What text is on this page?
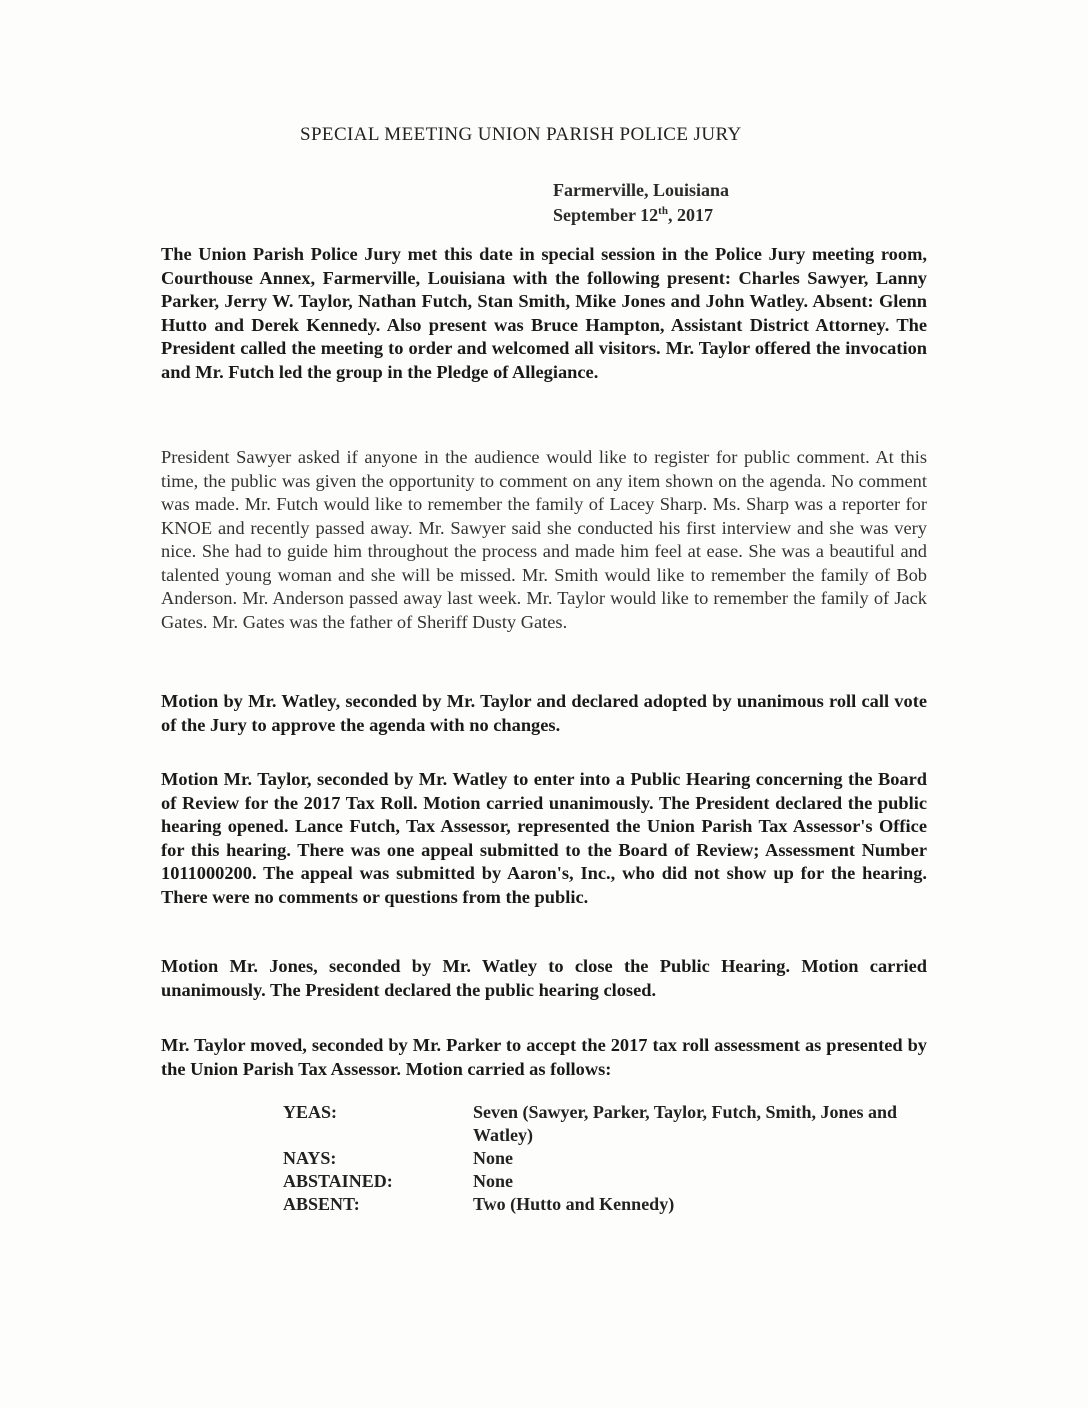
SPECIAL MEETING UNION PARISH POLICE JURY
Farmerville, Louisiana
September 12th, 2017

The Union Parish Police Jury met this date in special session in the Police Jury meeting room, Courthouse Annex, Farmerville, Louisiana with the following present: Charles Sawyer, Lanny Parker, Jerry W. Taylor, Nathan Futch, Stan Smith, Mike Jones and John Watley. Absent: Glenn Hutto and Derek Kennedy. Also present was Bruce Hampton, Assistant District Attorney. The President called the meeting to order and welcomed all visitors. Mr. Taylor offered the invocation and Mr. Futch led the group in the Pledge of Allegiance.

President Sawyer asked if anyone in the audience would like to register for public comment. At this time, the public was given the opportunity to comment on any item shown on the agenda. No comment was made. Mr. Futch would like to remember the family of Lacey Sharp. Ms. Sharp was a reporter for KNOE and recently passed away. Mr. Sawyer said she conducted his first interview and she was very nice. She had to guide him throughout the process and made him feel at ease. She was a beautiful and talented young woman and she will be missed. Mr. Smith would like to remember the family of Bob Anderson. Mr. Anderson passed away last week. Mr. Taylor would like to remember the family of Jack Gates. Mr. Gates was the father of Sheriff Dusty Gates.

Motion by Mr. Watley, seconded by Mr. Taylor and declared adopted by unanimous roll call vote of the Jury to approve the agenda with no changes.

Motion Mr. Taylor, seconded by Mr. Watley to enter into a Public Hearing concerning the Board of Review for the 2017 Tax Roll. Motion carried unanimously. The President declared the public hearing opened. Lance Futch, Tax Assessor, represented the Union Parish Tax Assessor's Office for this hearing. There was one appeal submitted to the Board of Review; Assessment Number 1011000200. The appeal was submitted by Aaron's, Inc., who did not show up for the hearing. There were no comments or questions from the public.

Motion Mr. Jones, seconded by Mr. Watley to close the Public Hearing. Motion carried unanimously. The President declared the public hearing closed.

Mr. Taylor moved, seconded by Mr. Parker to accept the 2017 tax roll assessment as presented by the Union Parish Tax Assessor. Motion carried as follows:

YEAS:	Seven (Sawyer, Parker, Taylor, Futch, Smith, Jones and Watley)
NAYS:	None
ABSTAINED:	None
ABSENT:	Two (Hutto and Kennedy)
